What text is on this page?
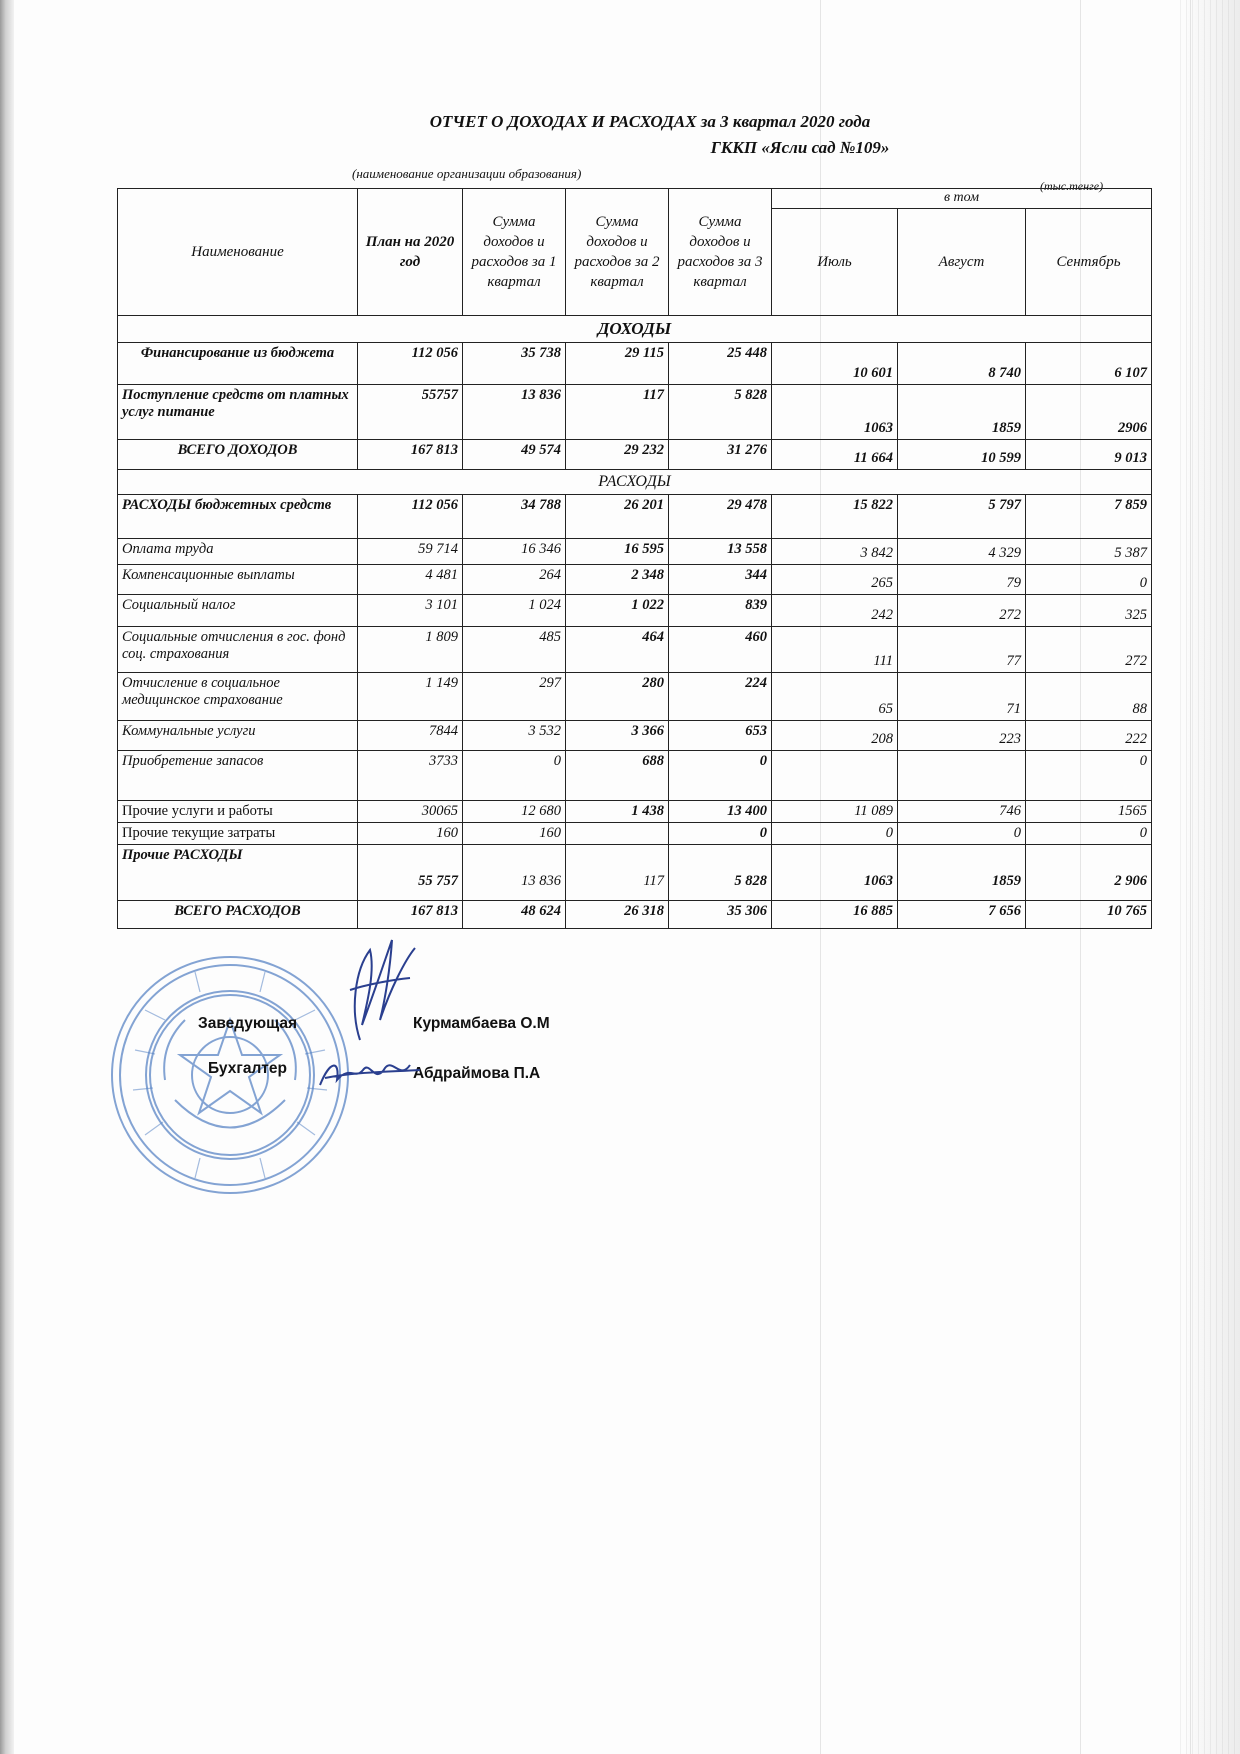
ОТЧЕТ О ДОХОДАХ И РАСХОДАХ за 3 квартал 2020 года
ГККП «Ясли сад №109»
(наименование организации образования)
(тыс.тенге)
Наименование	План на 2020 год	Сумма доходов и расходов за 1 квартал	Сумма доходов и расходов за 2 квартал	Сумма доходов и расходов за 3 квартал	в том		
					Июль	Август	Сентябрь
ДОХОДЫ							
Финансирование из бюджета	112 056	35 738	29 115	25 448	10 601	8 740	6 107
Поступление средств от платных услуг питание	55757	13 836	117	5 828	1063	1859	2906
ВСЕГО ДОХОДОВ	167 813	49 574	29 232	31 276	11 664	10 599	9 013
РАСХОДЫ							
РАСХОДЫ бюджетных средств	112 056	34 788	26 201	29 478	15 822	5 797	7 859
Оплата труда	59 714	16 346	16 595	13 558	3 842	4 329	5 387
Компенсационные выплаты	4 481	264	2 348	344	265	79	0
Социальный налог	3 101	1 024	1 022	839	242	272	325
Социальные отчисления в гос. фонд соц. страхования	1 809	485	464	460	111	77	272
Отчисление в социальное медицинское страхование	1 149	297	280	224	65	71	88
Коммунальные услуги	7844	3 532	3 366	653	208	223	222
Приобретение запасов	3733	0	688	0			0
Прочие услуги и работы	30065	12 680	1 438	13 400	11 089	746	1565
Прочие текущие затраты	160	160		0	0	0	0
Прочие РАСХОДЫ	55 757	13 836	117	5 828	1063	1859	2 906
ВСЕГО РАСХОДОВ	167 813	48 624	26 318	35 306	16 885	7 656	10 765
Заведующая	Курмамбаева О.М
Бухгалтер	Абдраймова П.А
